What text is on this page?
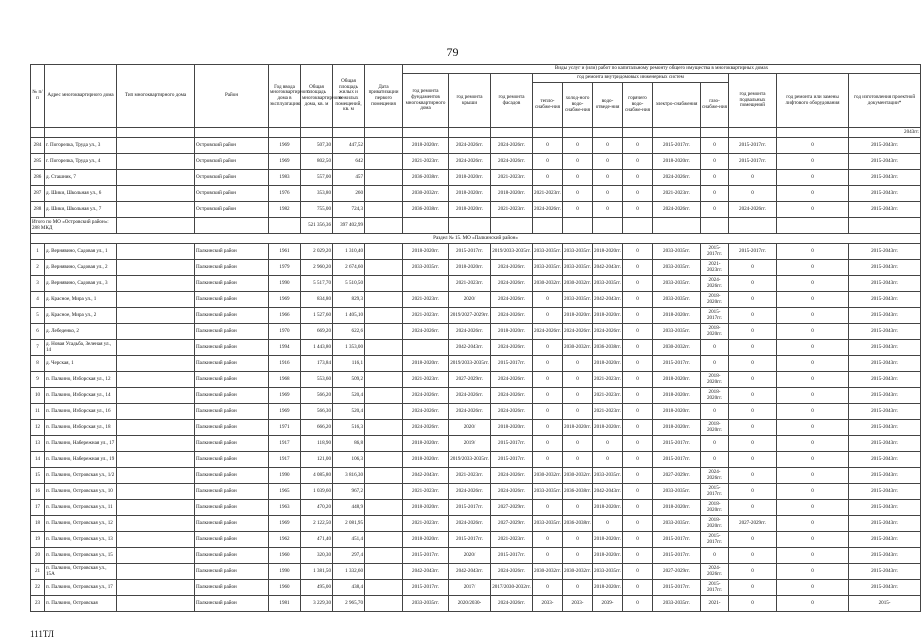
79
№ п/п	Адрес многоквартирного дома	Тип многоквартирного дома	Район	Год ввода многоквартирного дома в эксплуатацию	Общая площадь многоквартирного дома, кв. м	Общая площадь жилых и нежилых помещений, кв. м	Дата приватизации первого помещения	Виды услуг и (или) работ по капитальному ремонту общего имущества в многоквартирных домах											
								год ремонта фундаментов многоквартирного дома	год ремонта крыши	год ремонта фасадов	год ремонта внутридомовых инженерных систем						год ремонта подвальных помещений	год ремонта или замены лифтового оборудования	год изготовления проектной документации*
											тепло-снабже-ния	холод-ного водо-снабже-ния	водо-отведе-ния	горячего водо-снабже-ния	электро-снабжения	газо-снабже-ния			
																			2043гг.
284	г. Погорелка, Труда ул., 3		Островский район	1969	507,30	447,52		2018-2020гг.	2024-2026гг.	2024-2026гг.	0	0	0	0	2015-2017гг.	0	2015-2017гг.	0	2015-2043гг.
285	г. Погорелка, Труда ул., 4		Островский район	1969	802,50	642		2021-2023гг.	2024-2026гг.	2024-2026гг.	0	0	0	0	2018-2020гг.	0	2015-2017гг.	0	2015-2043гг.
286	д. Сташник, 7		Островский район	1983	557,00	457		2036-2038гг.	2018-2020гг.	2021-2023гг.	0	0	0	0	2024-2026гг.	0	0	0	2015-2043гг.
287	д. Шики, Школьная ул., 6		Островский район	1976	353,80	260		2030-2032гг.	2018-2020гг.	2018-2020гг.	2021-2023гг.	0	0	0	2021-2023гг.	0	0	0	2015-2043гг.
288	д. Шики, Школьная ул., 7		Островский район	1982	755,00	724,3		2036-2038гг.	2018-2020гг.	2021-2023гг.	2024-2026гг.	0	0	0	2024-2026гг.	0	2024-2026гг.	0	2015-2043гг.
Итого по МО «Островский район»: 288 МКД					521 356,36	397 402,99													
Раздел № 15. МО «Палкинский район»																			
1	д. Вернявино, Садовая ул., 1		Палкинский район	1961	2 029,20	1 310,40		2018-2020гг.	2015-2017гг.	2019/2033-2035гг.	2033-2035гг.	2033-2035гг.	2018-2020гг.	0	2033-2035гг.	2015-2017гг.	2015-2017гг.	0	2015-2043гг.
2	д. Вернявино, Садовая ул., 2		Палкинский район	1979	2 960,20	2 674,60		2033-2035гг.	2018-2020гг.	2024-2026гг.	2033-2035гг.	2033-2035гг.	2042-2043гг.	0	2033-2035гг.	2021-2023гг.	0	0	2015-2043гг.
3	д. Вернявино, Садовая ул., 3		Палкинский район	1990	5 517,70	5 510,50			2021-2023гг.	2024-2026гг.	2030-2032гг.	2030-2032гг.	2033-2035гг.	0	2033-2035гг.	2024-2026гг.	0	0	2015-2043гг.
4	д. Красное, Мира ул., 1		Палкинский район	1969	834,80	829,3		2021-2023гг.	2020/	2024-2026гг.	0	2033-2035гг.	2042-2043гг.	0	2033-2035гг.	2018-2020гг.	0	0	2015-2043гг.
5	д. Красное, Мира ул., 2		Палкинский район	1966	1 527,60	1 405,10		2021-2023гг.	2019/2027-2029гг.	2024-2026гг.	0	2018-2020гг.	2018-2020гг.	0	2018-2020гг.	2015-2017гг.	0	0	2015-2043гг.
6	д. Лебеденко, 2		Палкинский район	1970	669,20	622,6		2024-2026гг.	2024-2026гг.	2018-2020гг.	2024-2026гг.	2024-2026гг.	2024-2026гг.	0	2033-2035гг.	2018-2020гг.	0	0	2015-2043гг.
7	д. Новая Усадьба, Зеленая ул., 14		Палкинский район	1994	1 443,80	1 353,00			2042-2043гг.	2024-2026гг.	0	2030-2032гг.	2036-2038гг.	0	2030-2032гг.	0	0	0	2015-2043гг.
8	д. Черская, 1		Палкинский район	1916	173,84	116,1		2018-2020гг.	2019/2033-2035гг.	2015-2017гг.	0	0	2018-2020гг.	0	2015-2017гг.	0	0	0	2015-2043гг.
9	п. Палкино, Изборская ул., 12		Палкинский район	1968	553,60	509,2		2021-2023гг.	2027-2029гг.	2024-2026гг.	0	0	2021-2023гг.	0	2018-2020гг.	2018-2020гг.	0	0	2015-2043гг.
10	п. Палкино, Изборская ул., 14		Палкинский район	1969	566,20	520,4		2024-2026гг.	2024-2026гг.	2024-2026гг.	0	0	2021-2023гг.	0	2018-2020гг.	2018-2020гг.	0	0	2015-2043гг.
11	п. Палкино, Изборская ул., 16		Палкинский район	1969	566,30	520,4		2024-2026гг.	2024-2026гг.	2024-2026гг.	0	0	2021-2023гг.	0	2018-2020гг.	0	0	0	2015-2043гг.
12	п. Палкино, Изборская ул., 18		Палкинский район	1971	666,20	516,3		2024-2026гг.	2020/	2018-2020гг.	0	2018-2020гг.	2018-2020гг.	0	2018-2020гг.	2018-2020гг.	0	0	2015-2043гг.
13	п. Палкино, Набережная ул., 17		Палкинский район	1917	118,90	86,8		2018-2020гг.	2019/	2015-2017гг.	0	0	0	0	2015-2017гг.	0	0	0	2015-2043гг.
14	п. Палкино, Набережная ул., 19		Палкинский район	1917	121,00	106,3		2018-2020гг.	2019/2033-2035гг.	2015-2017гг.	0	0	0	0	2015-2017гг.	0	0	0	2015-2043гг.
15	п. Палкино, Островская ул., 1/2		Палкинский район	1990	4 085,80	3 816,30		2042-2043гг.	2021-2023гг.	2024-2026гг.	2030-2032гг.	2030-2032гг.	2033-2035гг.	0	2027-2029гг.	2024-2026гг.	0	0	2015-2043гг.
16	п. Палкино, Островская ул., 10		Палкинский район	1965	1 039,60	967,2		2021-2023гг.	2024-2026гг.	2024-2026гг.	2033-2035гг.	2036-2038гг.	2042-2043гг.	0	2033-2035гг.	2015-2017гг.	0	0	2015-2043гг.
17	п. Палкино, Островская ул., 11		Палкинский район	1963	470,20	448,9		2018-2020гг.	2015-2017гг.	2027-2029гг.	0	0	2018-2020гг.	0	2018-2020гг.	2018-2020гг.	0	0	2015-2043гг.
18	п. Палкино, Островская ул., 12		Палкинский район	1969	2 122,50	2 081,95		2021-2023гг.	2024-2026гг.	2027-2029гг.	2033-2035гг.	2036-2038гг.	0	0	2033-2035гг.	2018-2020гг.	2027-2029гг.	0	2015-2043гг.
19	п. Палкино, Островская ул., 13		Палкинский район	1962	471,40	451,4		2018-2020гг.	2015-2017гг.	2021-2023гг.	0	0	2018-2020гг.	0	2015-2017гг.	2015-2017гг.	0	0	2015-2043гг.
20	п. Палкино, Островская ул., 15		Палкинский район	1960	320,30	297,4		2015-2017гг.	2020/	2015-2017гг.	0	0	2018-2020гг.	0	2015-2017гг.	0	0	0	2015-2043гг.
21	п. Палкино, Островская ул., 15А		Палкинский район	1990	1 381,50	1 332,60		2042-2043гг.	2042-2043гг.	2024-2026гг.	2030-2032гг.	2030-2032гг.	2033-2035гг.	0	2027-2029гг.	2024-2026гг.	0	0	2015-2043гг.
22	п. Палкино, Островская ул., 17		Палкинский район	1960	495,00	438,4		2015-2017гг.	2017/	2017/2030-2032гг.	0	0	2018-2020гг.	0	2015-2017гг.	2015-2017гг.	0	0	2015-2043гг.
23	п. Палкино, Островская		Палкинский район	1981	3 229,30	2 965,70		2033-2035гг.	2020/2030-	2024-2026гг.	2033-	2033-	2039-	0	2033-2035гг.	2021-	0	0	2015-
111ТЛ
